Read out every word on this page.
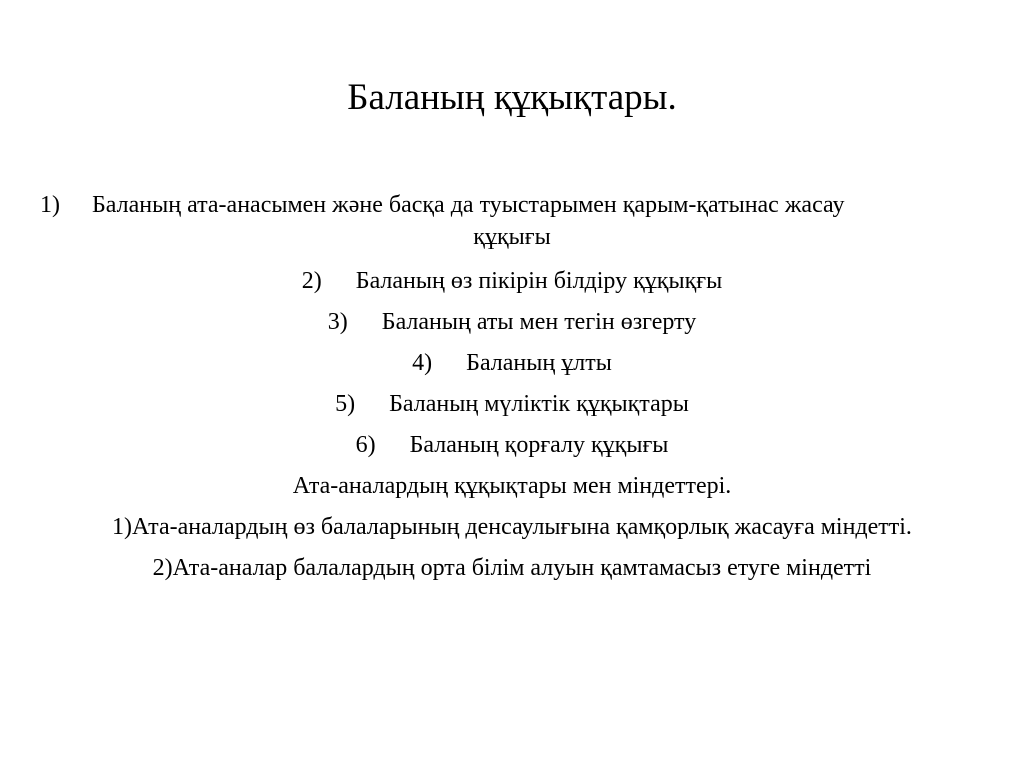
Баланың құқықтары.
1) Баланың ата-анасымен және басқа да туыстарымен қарым-қатынас жасау
құқығы
2) Баланың өз пікірін білдіру құқықғы
3) Баланың аты мен тегін өзгерту
4) Баланың ұлты
5) Баланың мүліктік құқықтары
6) Баланың қорғалу құқығы
Ата-аналардың құқықтары мен міндеттері.
1)Ата-аналардың өз балаларының денсаулығына қамқорлық жасауға міндетті.
2)Ата-аналар балалардың орта білім алуын қамтамасыз етуге міндетті
